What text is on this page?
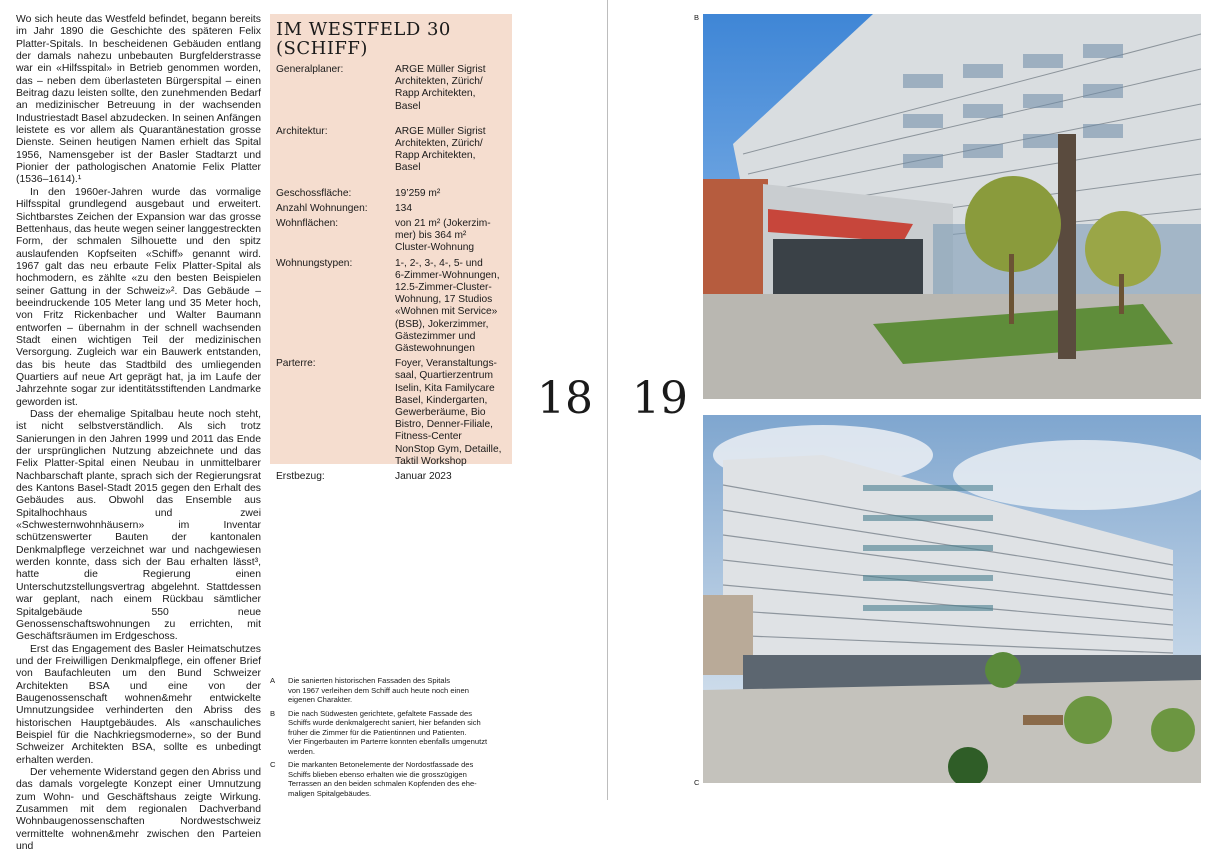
Wo sich heute das Westfeld befindet, begann bereits im Jahr 1890 die Geschichte des späteren Felix Platter-Spitals. In bescheidenen Gebäuden entlang der damals nahezu unbebauten Burgfelderstrasse war ein «Hilfsspital» in Betrieb genommen worden, das – neben dem überlasteten Bürgerspital – einen Beitrag dazu leisten sollte, den zunehmenden Bedarf an medizinischer Betreuung in der wachsenden Industriestadt Basel abzudecken. In seinen Anfängen leistete es vor allem als Quarantänestation grosse Dienste. Seinen heutigen Namen erhielt das Spital 1956, Namensgeber ist der Basler Stadtarzt und Pionier der pathologischen Anatomie Felix Platter (1536–1614).¹

In den 1960er-Jahren wurde das vormalige Hilfsspital grundlegend ausgebaut und erweitert. Sichtbarstes Zeichen der Expansion war das grosse Bettenhaus, das heute wegen seiner langgestreckten Form, der schmalen Silhouette und den spitz auslaufenden Kopfseiten «Schiff» genannt wird. 1967 galt das neu erbaute Felix Platter-Spital als hochmodern, es zählte «zu den besten Beispielen seiner Gattung in der Schweiz»². Das Gebäude – beeindruckende 105 Meter lang und 35 Meter hoch, von Fritz Rickenbacher und Walter Baumann entworfen – übernahm in der schnell wachsenden Stadt einen wichtigen Teil der medizinischen Versorgung. Zugleich war ein Bauwerk entstanden, das bis heute das Stadtbild des umliegenden Quartiers auf neue Art geprägt hat, ja im Laufe der Jahrzehnte sogar zur identitätsstiftenden Landmarke geworden ist.

Dass der ehemalige Spitalbau heute noch steht, ist nicht selbstverständlich. Als sich trotz Sanierungen in den Jahren 1999 und 2011 das Ende der ursprünglichen Nutzung abzeichnete und das Felix Platter-Spital einen Neubau in unmittelbarer Nachbarschaft plante, sprach sich der Regierungsrat des Kantons Basel-Stadt 2015 gegen den Erhalt des Gebäudes aus. Obwohl das Ensemble aus Spitalhochhaus und zwei «Schwesternwohnhäusern» im Inventar schützenswerter Bauten der kantonalen Denkmalpflege verzeichnet war und nachgewiesen werden konnte, dass sich der Bau erhalten lässt³, hatte die Regierung einen Unterschutzstellungsvertrag abgelehnt. Stattdessen war geplant, nach einem Rückbau sämtlicher Spitalgebäude 550 neue Genossenschaftswohnungen zu errichten, mit Geschäftsräumen im Erdgeschoss.

Erst das Engagement des Basler Heimatschutzes und der Freiwilligen Denkmalpflege, ein offener Brief von Baufachleuten um den Bund Schweizer Architekten BSA und eine von der Baugenossenschaft wohnen&mehr entwickelte Umnutzungsidee verhinderten den Abriss des historischen Hauptgebäudes. Als «anschauliches Beispiel für die Nachkriegsmoderne», so der Bund Schweizer Architekten BSA, sollte es unbedingt erhalten werden.

Der vehemente Widerstand gegen den Abriss und das damals vorgelegte Konzept einer Umnutzung zum Wohn- und Geschäftshaus zeigte Wirkung. Zusammen mit dem regionalen Dachverband Wohnbaugenossenschaften Nordwestschweiz vermittelte wohnen&mehr zwischen den Parteien und

IM WESTFELD 30
(SCHIFF)
Generalplaner:	ARGE Müller Sigrist
Architekten, Zürich/
Rapp Architekten,
Basel
Architektur:	ARGE Müller Sigrist
Architekten, Zürich/
Rapp Architekten,
Basel
Geschossfläche:	19’259 m²
Anzahl Wohnungen:	134
Wohnflächen:	von 21 m² (Jokerzim-
mer) bis 364 m²
Cluster-Wohnung
Wohnungstypen:	1-, 2-, 3-, 4-, 5- und
6-Zimmer-Wohnungen,
12.5-Zimmer-Cluster-
Wohnung, 17 Studios
«Wohnen mit Service»
(BSB), Jokerzimmer,
Gästezimmer und
Gästewohnungen
Parterre:	Foyer, Veranstaltungs-
saal, Quartierzentrum
Iselin, Kita Familycare
Basel, Kindergarten,
Gewerberäume, Bio
Bistro, Denner-Filiale,
Fitness-Center
NonStop Gym, Detaille,
Taktil Workshop
Erstbezug:	Januar 2023
18 19
A	Die sanierten historischen Fassaden des Spitals
von 1967 verleihen dem Schiff auch heute noch einen
eigenen Charakter.
B	Die nach Südwesten gerichtete, gefaltete Fassade des
Schiffs wurde denkmalgerecht saniert, hier befanden sich
früher die Zimmer für die Patientinnen und Patienten.
Vier Fingerbauten im Parterre konnten ebenfalls umgenutzt
werden.
C	Die markanten Betonelemente der Nordostfassade des
Schiffs blieben ebenso erhalten wie die grosszügigen
Terrassen an den beiden schmalen Kopfenden des ehe-
maligen Spitalgebäudes.
B
C
